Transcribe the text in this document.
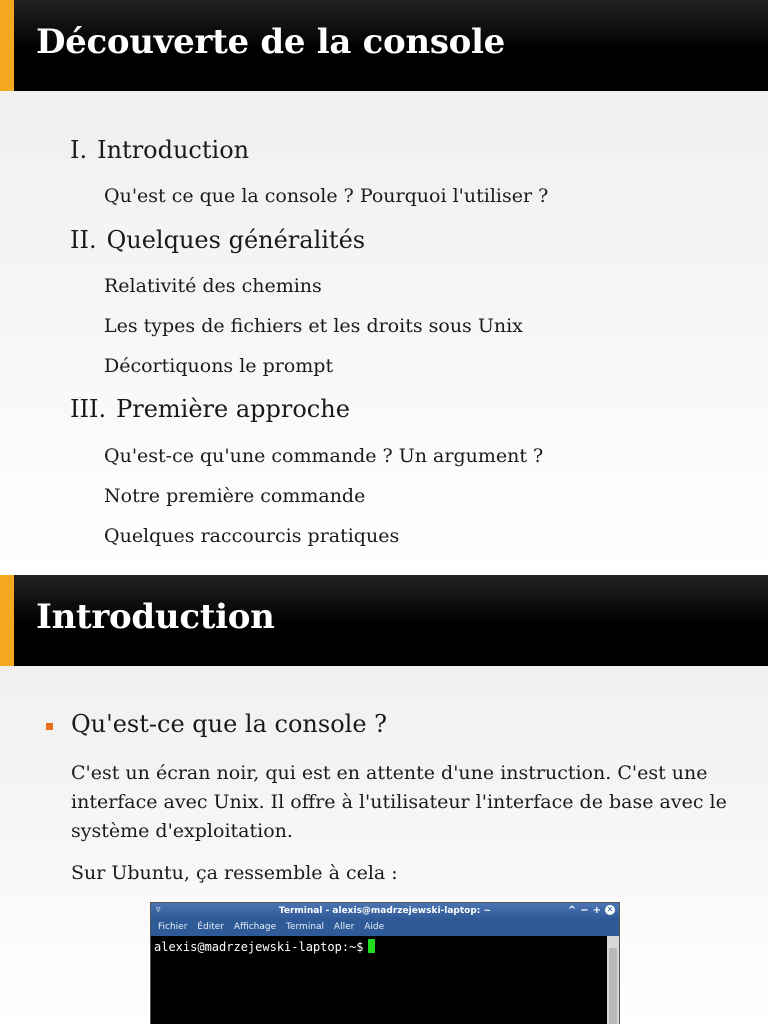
Découverte de la console
I. Introduction
Qu'est ce que la console ? Pourquoi l'utiliser ?
II. Quelques généralités
Relativité des chemins
Les types de fichiers et les droits sous Unix
Décortiquons le prompt
III. Première approche
Qu'est-ce qu'une commande ? Un argument ?
Notre première commande
Quelques raccourcis pratiques
Introduction
Qu'est-ce que la console ?
C'est un écran noir, qui est en attente d'une instruction. C'est une interface avec Unix. Il offre à l'utilisateur l'interface de base avec le système d'exploitation.
Sur Ubuntu, ça ressemble à cela :
▿	Terminal - alexis@madrzejewski-laptop: ~	^−+ ✕
Fichier Éditer Affichage Terminal Aller Aide
alexis@madrzejewski-laptop:~$
